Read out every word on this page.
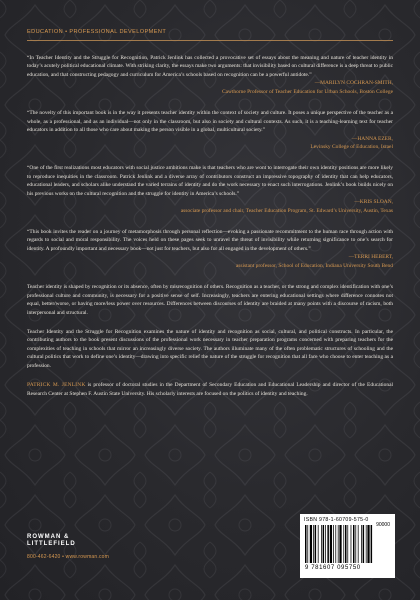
EDUCATION • PROFESSIONAL DEVELOPMENT
“In Teacher Identity and the Struggle for Recognition, Patrick Jenlink has collected a provocative set of essays about the meaning and nature of teacher identity in today’s acutely political educational climate. With striking clarity, the essays make two arguments: that invisibility based on cultural difference is a deep threat to public education, and that constructing pedagogy and curriculum for America’s schools based on recognition can be a powerful antidote.”
—MARILYN COCHRAN-SMITH,
Cawthorne Professor of Teacher Education for Urban Schools, Boston College
“The novelty of this important book is in the way it presents teacher identity within the context of society and culture. It poses a unique perspective of the teacher as a whole, as a professional, and as an individual—not only in the classroom, but also in society and cultural contexts. As such, it is a teaching-learning text for teacher educators in addition to all those who care about making the person visible in a global, multicultural society.”
—HANNA EZER,
Levinsky College of Education, Israel
“One of the first realizations most educators with social justice ambitions make is that teachers who are wont to interrogate their own identity positions are more likely to reproduce inequities in the classroom. Patrick Jenlink and a diverse array of contributors construct an impressive topography of identity that can help educators, educational leaders, and scholars alike understand the varied terrains of identity and do the work necessary to enact such interrogations. Jenlink’s book builds nicely on his previous works on the cultural recognition and the struggle for identity in America’s schools.”
—KRIS SLOAN,
associate professor and chair, Teacher Education Program, St. Edward’s University, Austin, Texas
“This book invites the reader on a journey of metamorphosis through personal reflection—evoking a passionate recommitment to the human race through action with regards to social and moral responsibility. The voices held on these pages seek to unravel the threat of invisibility while returning significance to one’s search for identity. A profoundly important and necessary book—not just for teachers, but also for all engaged in the development of others.”
—TERRI HEBERT,
assistant professor, School of Education, Indiana University South Bend

Teacher identity is shaped by recognition or its absence, often by misrecognition of others. Recognition as a teacher, or the strong and complex identification with one’s professional culture and community, is necessary for a positive sense of self. Increasingly, teachers are entering educational settings where difference connotes not equal, better/worse, or having more/less power over resources. Differences between discourses of identity are braided at many points with a discourse of racism, both interpersonal and structural.

Teacher Identity and the Struggle for Recognition examines the nature of identity and recognition as social, cultural, and political constructs. In particular, the contributing authors to the book present discussions of the professional work necessary in teacher preparation programs concerned with preparing teachers for the complexities of teaching in schools that mirror an increasingly diverse society. The authors illuminate many of the often problematic structures of schooling and the cultural politics that work to define one’s identity—drawing into specific relief the nature of the struggle for recognition that all face who choose to enter teaching as a profession.

PATRICK M. JENLINK is professor of doctoral studies in the Department of Secondary Education and Educational Leadership and director of the Educational Research Center at Stephen F. Austin State University. His scholarly interests are focused on the politics of identity and teaching.

ROWMAN &
LITTLEFIELD
800-462-6420 • www.rowman.com
ISBN 978-1-60709-575-0
90000
9 781607 095750
